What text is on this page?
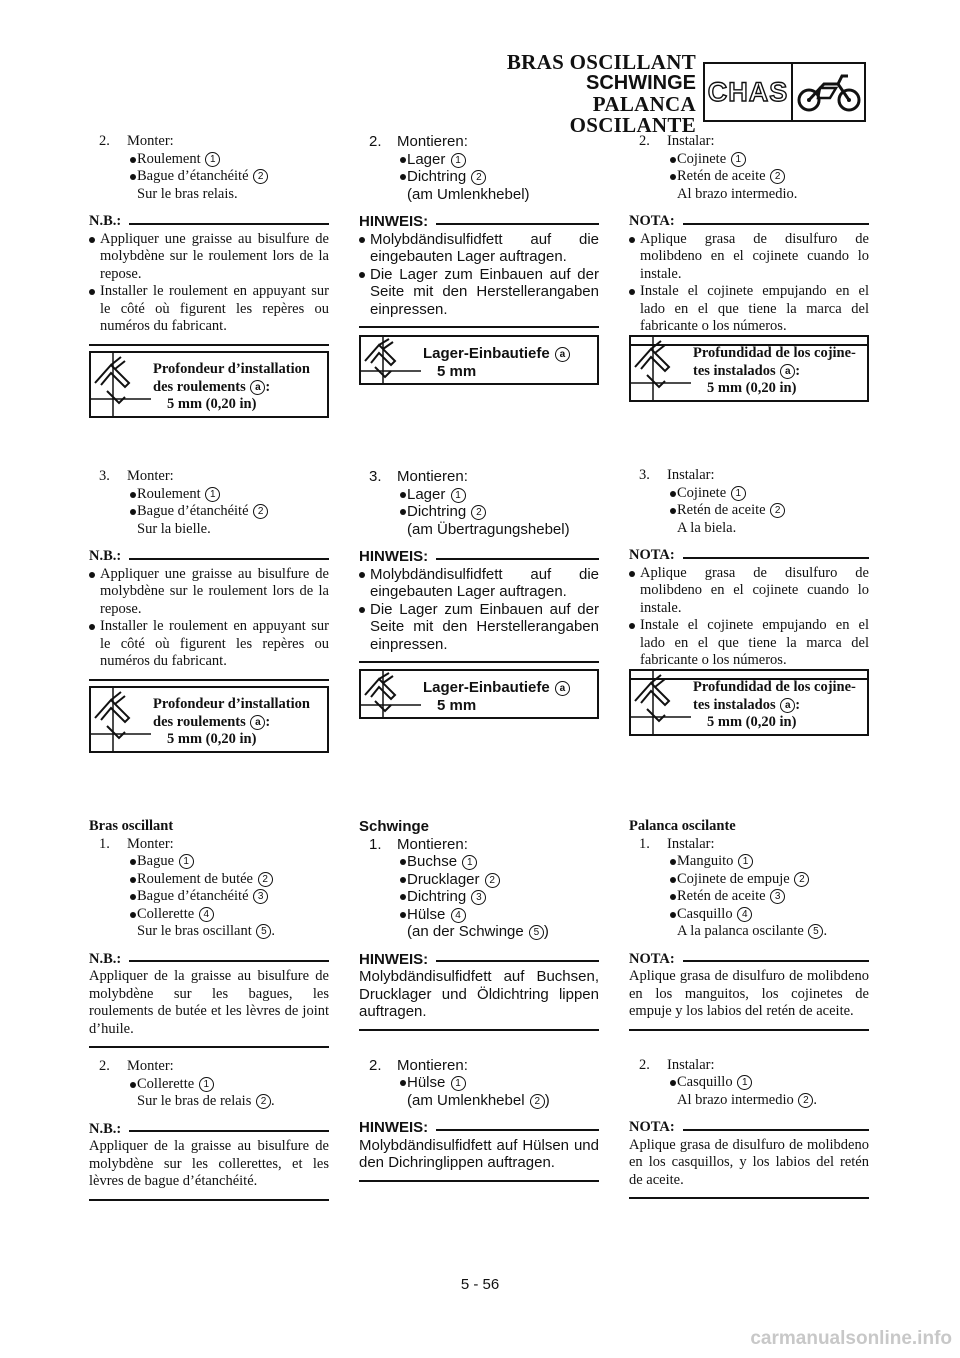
BRAS OSCILLANT
SCHWINGE
PALANCA OSCILANTE
CHAS
2.	Monter:
Roulement 1
Bague d’étanchéité 2
Sur le bras relais.
N.B.:
Appliquer une graisse au bisulfure de molybdène sur le roulement lors de la repose.
Installer le roulement en appuyant sur le côté où figurent les repères ou numéros du fabricant.
Profondeur d’installation
des roulements a :
5 mm (0,20 in)
3.	Monter:
Roulement 1
Bague d’étanchéité 2
Sur la bielle.
N.B.:
Appliquer une graisse au bisulfure de molybdène sur le roulement lors de la repose.
Installer le roulement en appuyant sur le côté où figurent les repères ou numéros du fabricant.
Profondeur d’installation
des roulements a :
5 mm (0,20 in)
Bras oscillant
1.	Monter:
Bague 1
Roulement de butée 2
Bague d’étanchéité 3
Collerette 4
Sur le bras oscillant 5 .
N.B.:
Appliquer de la graisse au bisulfure de molybdène sur les bagues, les roulements de butée et les lèvres de joint d’huile.
2.	Monter:
Collerette 1
Sur le bras de relais 2 .
N.B.:
Appliquer de la graisse au bisulfure de molybdène sur les collerettes, et les lèvres de bague d’étanchéité.
2.	Montieren:
Lager 1
Dichtring 2
(am Umlenkhebel)
HINWEIS:
Molybdändisulfidfett auf die eingebauten Lager auftragen.
Die Lager zum Einbauen auf der Seite mit den Herstellerangaben einpressen.
Lager-Einbautiefe a
5 mm
3.	Montieren:
Lager 1
Dichtring 2
(am Übertragungshebel)
HINWEIS:
Molybdändisulfidfett auf die eingebauten Lager auftragen.
Die Lager zum Einbauen auf der Seite mit den Herstellerangaben einpressen.
Lager-Einbautiefe a
5 mm
Schwinge
1.	Montieren:
Buchse 1
Drucklager 2
Dichtring 3
Hülse 4
(an der Schwinge 5 )
HINWEIS:
Molybdändisulfidfett auf Buchsen, Drucklager und Öldichtring lippen auftragen.
2.	Montieren:
Hülse 1
(am Umlenkhebel 2 )
HINWEIS:
Molybdändisulfidfett auf Hülsen und den Dichringlippen auftragen.
2.	Instalar:
Cojinete 1
Retén de aceite 2
Al brazo intermedio.
NOTA:
Aplique grasa de disulfuro de molibdeno en el cojinete cuando lo instale.
Instale el cojinete empujando en el lado en el que tiene la marca del fabricante o los números.
Profundidad de los cojine-
tes instalados a :
5 mm (0,20 in)
3.	Instalar:
Cojinete 1
Retén de aceite 2
A la biela.
NOTA:
Aplique grasa de disulfuro de molibdeno en el cojinete cuando lo instale.
Instale el cojinete empujando en el lado en el que tiene la marca del fabricante o los números.
Profundidad de los cojine-
tes instalados a :
5 mm (0,20 in)
Palanca oscilante
1.	Instalar:
Manguito 1
Cojinete de empuje 2
Retén de aceite 3
Casquillo 4
A la palanca oscilante 5 .
NOTA:
Aplique grasa de disulfuro de molibdeno en los manguitos, los cojinetes de empuje y los labios del retén de aceite.
2.	Instalar:
Casquillo 1
Al brazo intermedio 2 .
NOTA:
Aplique grasa de disulfuro de molibdeno en los casquillos, y los labios del retén de aceite.
5 - 56
carmanualsonline.info
